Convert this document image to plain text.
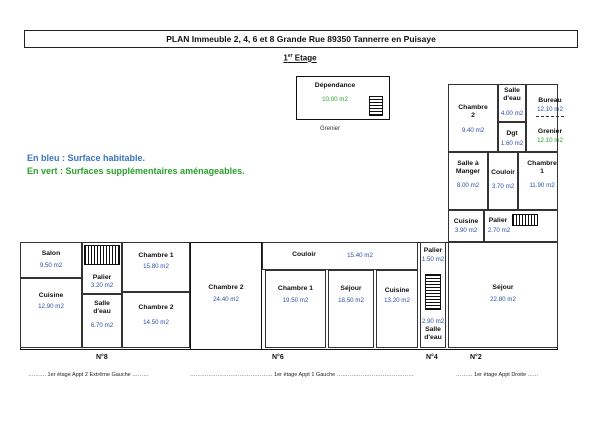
PLAN Immeuble 2, 4, 6 et 8 Grande Rue 89350 Tannerre en Puisaye
1er Etage
Dépendance
10.00 m2
Grenier
En bleu : Surface habitable.
En vert : Surfaces supplémentaires aménageables.
Salon
9.50 m2
Cuisine
12.90 m2
Palier
3.20 m2
Salle
d'eau
6.70 m2
Chambre 1
15.80 m2
Chambre 2
14.50 m2
Chambre 2
24.40 m2
Couloir	15.40 m2
Chambre 1
19.50 m2
Séjour
18.50 m2
Cuisine
13.20 m2
Palier
1.50 m2
2.90 m2
Salle
d'eau
Chambre
2
9.40 m2
Salle
d'eau
4.00 m2
Dgt
1.60 m2
Bureau
12.10 m2
Grenier
12.10 m2
Salle à
Manger
8.00 m2
Couloir
3.70 m2
Chambre
1
11.90 m2
Cuisine
3.90 m2
Palier
2.70 m2
Séjour
22.80 m2
N°8	N°6	N°4	N°2
………. 1er étage Appt 2 Extrême Gauche ………	……………………………………… 1er étage Appt 1 Gauche ……………………………………	……… 1er étage Appt Droite ……
